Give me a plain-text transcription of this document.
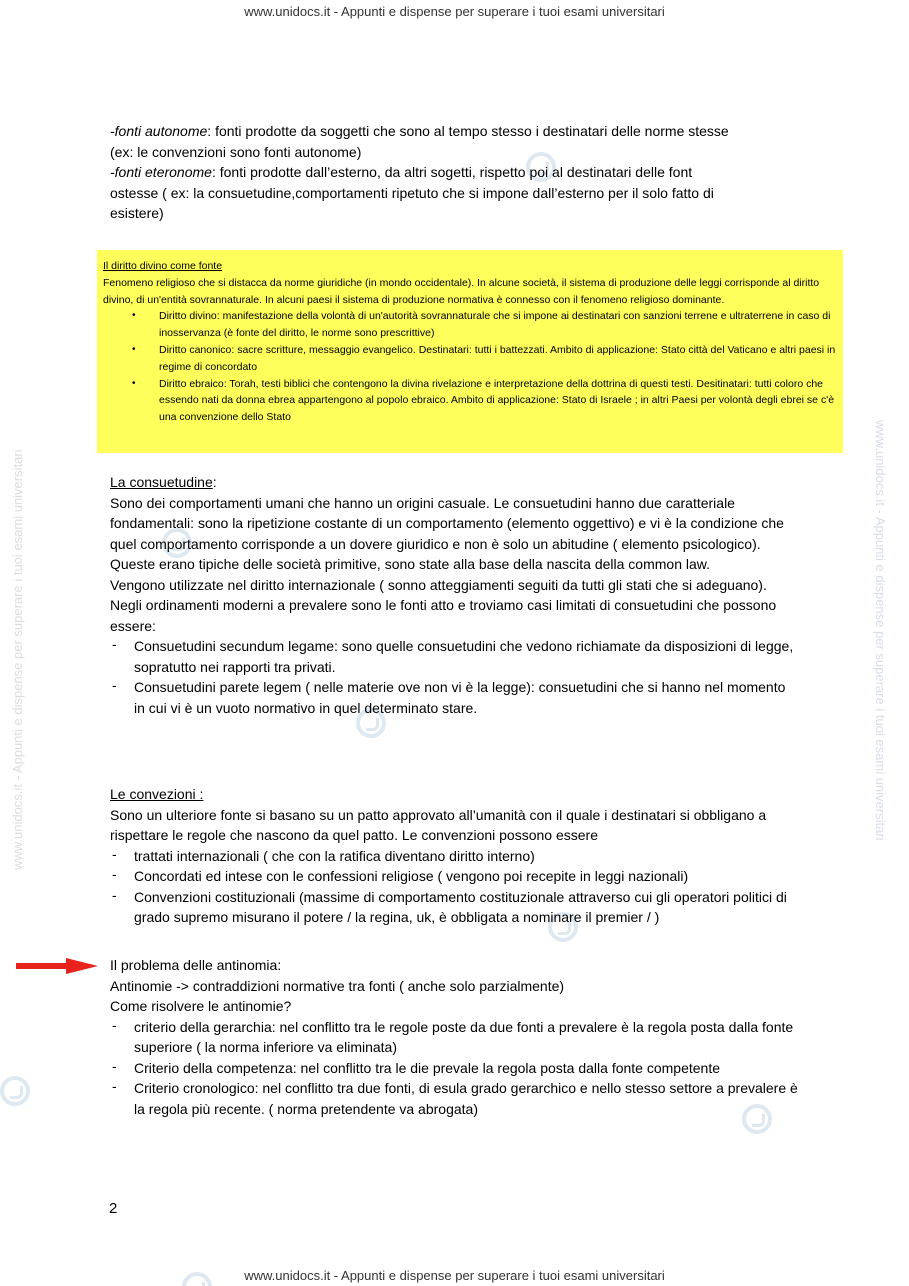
www.unidocs.it - Appunti e dispense per superare i tuoi esami universitari
www.unidocs.it - Appunti e dispense per superare i tuoi esami universitari
www.unidocs.it - Appunti e dispense per superare i tuoi esami universitari	www.unidocs.it - Appunti e dispense per superare i tuoi esami universitari

-fonti autonome: fonti prodotte da soggetti che sono al tempo stesso i destinatari delle norme stesse

(ex: le convenzioni sono fonti autonome)

-fonti eteronome: fonti prodotte dall’esterno, da altri sogetti, rispetto poi al destinatari delle font

ostesse ( ex: la consuetudine,comportamenti ripetuto che si impone dall’esterno per il solo fatto di

esistere)

Il diritto divino come fonte

Fenomeno religioso che si distacca da norme giuridiche (in mondo occidentale). In alcune società, il sistema di produzione delle leggi corrisponde al diritto divino, di un'entità sovrannaturale. In alcuni paesi il sistema di produzione normativa è connesso con il fenomeno religioso dominante.

• Diritto divino: manifestazione della volontà di un'autorità sovrannaturale che si impone ai destinatari con sanzioni terrene e ultraterrene in caso di inosservanza (è fonte del diritto, le norme sono prescrittive)
• Diritto canonico: sacre scritture, messaggio evangelico. Destinatari: tutti i battezzati. Ambito di applicazione: Stato città del Vaticano e altri paesi in regime di concordato
• Diritto ebraico: Torah, testi biblici che contengono la divina rivelazione e interpretazione della dottrina di questi testi. Desitinatari: tutti coloro che essendo nati da donna ebrea appartengono al popolo ebraico. Ambito di applicazione: Stato di Israele ; in altri Paesi per volontà degli ebrei se c'è una convenzione dello Stato

La consuetudine:

Sono dei comportamenti umani che hanno un origini casuale. Le consuetudini hanno due caratteriale fondamentali: sono la ripetizione costante di un comportamento (elemento oggettivo) e vi è la condizione che quel comportamento corrisponde a un dovere giuridico e non è solo un abitudine ( elemento psicologico).

Queste erano tipiche delle società primitive, sono state alla base della nascita della common law.

Vengono utilizzate nel diritto internazionale ( sonno atteggiamenti seguiti da tutti gli stati che si adeguano).

Negli ordinamenti moderni a prevalere sono le fonti atto e troviamo casi limitati di consuetudini che possono essere:

- Consuetudini secundum legame: sono quelle consuetudini che vedono richiamate da disposizioni di legge, sopratutto nei rapporti tra privati.
- Consuetudini parete legem ( nelle materie ove non vi è la legge): consuetudini che si hanno nel momento in cui vi è un vuoto normativo in quel determinato stare.

Le convezioni :

Sono un ulteriore fonte si basano su un patto approvato all’umanità con il quale i destinatari si obbligano a rispettare le regole che nascono da quel patto. Le convenzioni possono essere

- trattati internazionali ( che con la ratifica diventano diritto interno)
- Concordati ed intese con le confessioni religiose ( vengono poi recepite in leggi nazionali)
- Convenzioni costituzionali (massime di comportamento costituzionale attraverso cui gli operatori politici di grado supremo misurano il potere / la regina, uk, è obbligata a nominare il premier / )

Il problema delle antinomia:

Antinomie -> contraddizioni normative tra fonti ( anche solo parzialmente)

Come risolvere le antinomie?

- criterio della gerarchia: nel conflitto tra le regole poste da due fonti a prevalere è la regola posta dalla fonte superiore ( la norma inferiore va eliminata)
- Criterio della competenza: nel conflitto tra le die prevale la regola posta dalla fonte competente
- Criterio cronologico: nel conflitto tra due fonti, di esula grado gerarchico e nello stesso settore a prevalere è la regola più recente. ( norma pretendente va abrogata)
2
